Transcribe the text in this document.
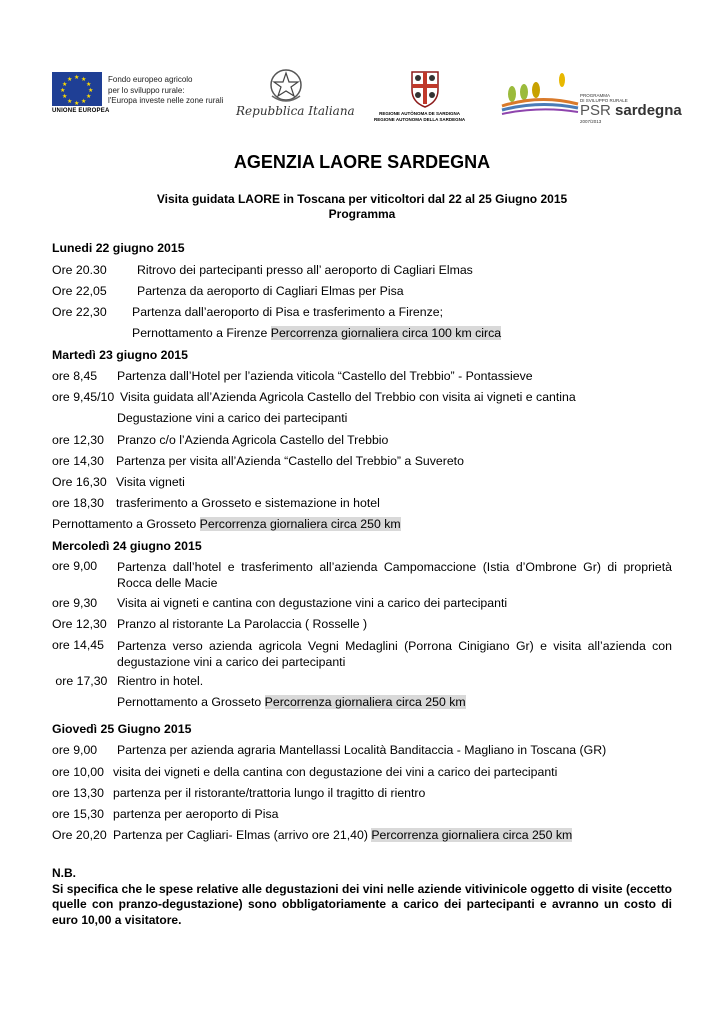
★ ★
★
★
★
★
★
★
★
★
★
★
UNIONE EUROPEA
Fondo europeo agricolo
per lo sviluppo rurale:
l'Europa investe nelle zone rurali
Repubblica Italiana	REGIONE AUTÒNOMA DE SARDIGNA
REGIONE AUTONOMA DELLA SARDEGNA
PROGRAMMA
DI SVILUPPO RURALE
PSR sardegna
2007/2013
AGENZIA LAORE SARDEGNA
Visita guidata LAORE in Toscana per viticoltori dal 22 al 25 Giugno 2015
Programma
Lunedi 22 giugno 2015
Ore 20.30 Ritrovo dei partecipanti presso all’ aeroporto di Cagliari Elmas
Ore 22,05 Partenza da aeroporto di Cagliari Elmas per Pisa
Ore 22,30 Partenza dall’aeroporto di Pisa e trasferimento a Firenze;
Pernottamento a Firenze Percorrenza giornaliera circa 100 km circa
Martedì 23 giugno 2015
ore 8,45 Partenza dall’Hotel per l’azienda viticola “Castello del Trebbio” - Pontassieve
ore 9,45/10 Visita guidata all’Azienda Agricola Castello del Trebbio con visita ai vigneti e cantina
Degustazione vini a carico dei partecipanti
ore 12,30 Pranzo c/o l’Azienda Agricola Castello del Trebbio
ore 14,30 Partenza per visita all’Azienda “Castello del Trebbio” a Suvereto
Ore 16,30 Visita vigneti
ore 18,30 trasferimento a Grosseto e sistemazione in hotel
Pernottamento a Grosseto Percorrenza giornaliera circa 250 km
Mercoledì 24 giugno 2015
ore 9,00 Partenza dall’hotel e trasferimento all’azienda Campomaccione (Istia d’Ombrone Gr) di proprietà Rocca delle Macie
ore 9,30 Visita ai vigneti e cantina con degustazione vini a carico dei partecipanti
Ore 12,30 Pranzo al ristorante La Parolaccia ( Rosselle )
ore 14,45 Partenza verso azienda agricola Vegni Medaglini (Porrona Cinigiano Gr) e visita all’azienda con degustazione vini a carico dei partecipanti
ore 17,30 Rientro in hotel.
Pernottamento a Grosseto Percorrenza giornaliera circa 250 km
Giovedì 25 Giugno 2015
ore 9,00 Partenza per azienda agraria Mantellassi Località Banditaccia - Magliano in Toscana (GR)
ore 10,00 visita dei vigneti e della cantina con degustazione dei vini a carico dei partecipanti
ore 13,30 partenza per il ristorante/trattoria lungo il tragitto di rientro
ore 15,30 partenza per aeroporto di Pisa
Ore 20,20 Partenza per Cagliari- Elmas (arrivo ore 21,40) Percorrenza giornaliera circa 250 km
N.B.
Si specifica che le spese relative alle degustazioni dei vini nelle aziende vitivinicole oggetto di visite (eccetto quelle con pranzo-degustazione) sono obbligatoriamente a carico dei partecipanti e avranno un costo di euro 10,00 a visitatore.
